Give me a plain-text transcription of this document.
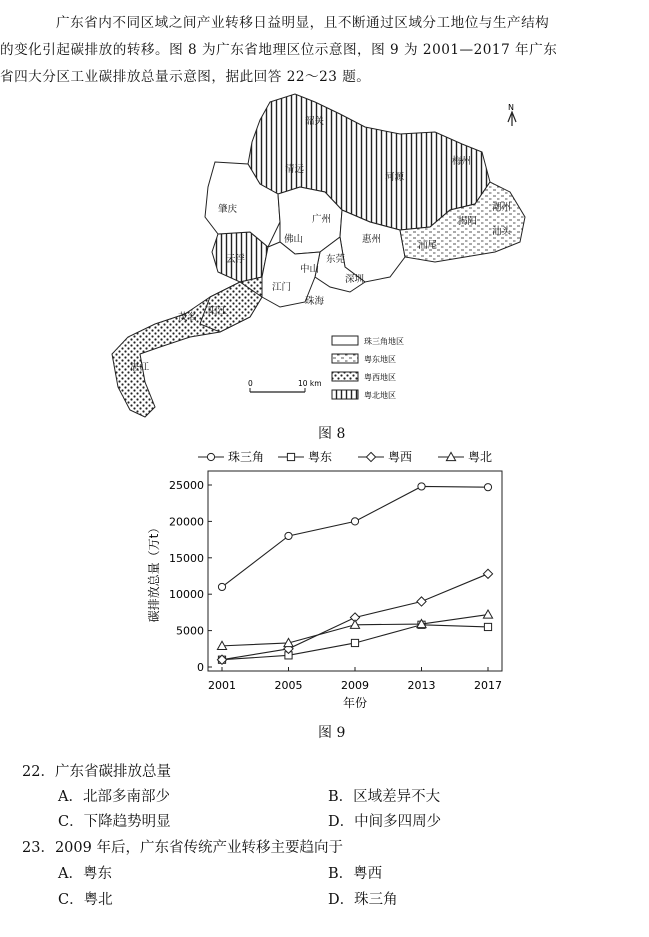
广东省内不同区域之间产业转移日益明显，且不断通过区域分工地位与生产结构
的变化引起碳排放的转移。图 8 为广东省地理区位示意图，图 9 为 2001—2017 年广东
省四大分区工业碳排放总量示意图，据此回答 22～23 题。

N
韶关
清远
河源
梅州
肇庆
广州
惠州
云浮
佛山
东莞
深圳
中山
江门
珠海
潮州
汕头
揭阳
汕尾
阳江
茂名
湛江
0	10 km
珠三角地区
粤东地区
粤西地区
粤北地区
图 8
0
5000
10000
15000
20000
25000
2001	2005	2009	2013	2017
年份
碳排放总量（万t）
珠三角	粤东	粤西	粤北
图 9
22．广东省碳排放总量
A．北部多南部少	B．区域差异不大
C．下降趋势明显	D．中间多四周少
23．2009 年后，广东省传统产业转移主要趋向于
A．粤东	B．粤西
C．粤北	D．珠三角
